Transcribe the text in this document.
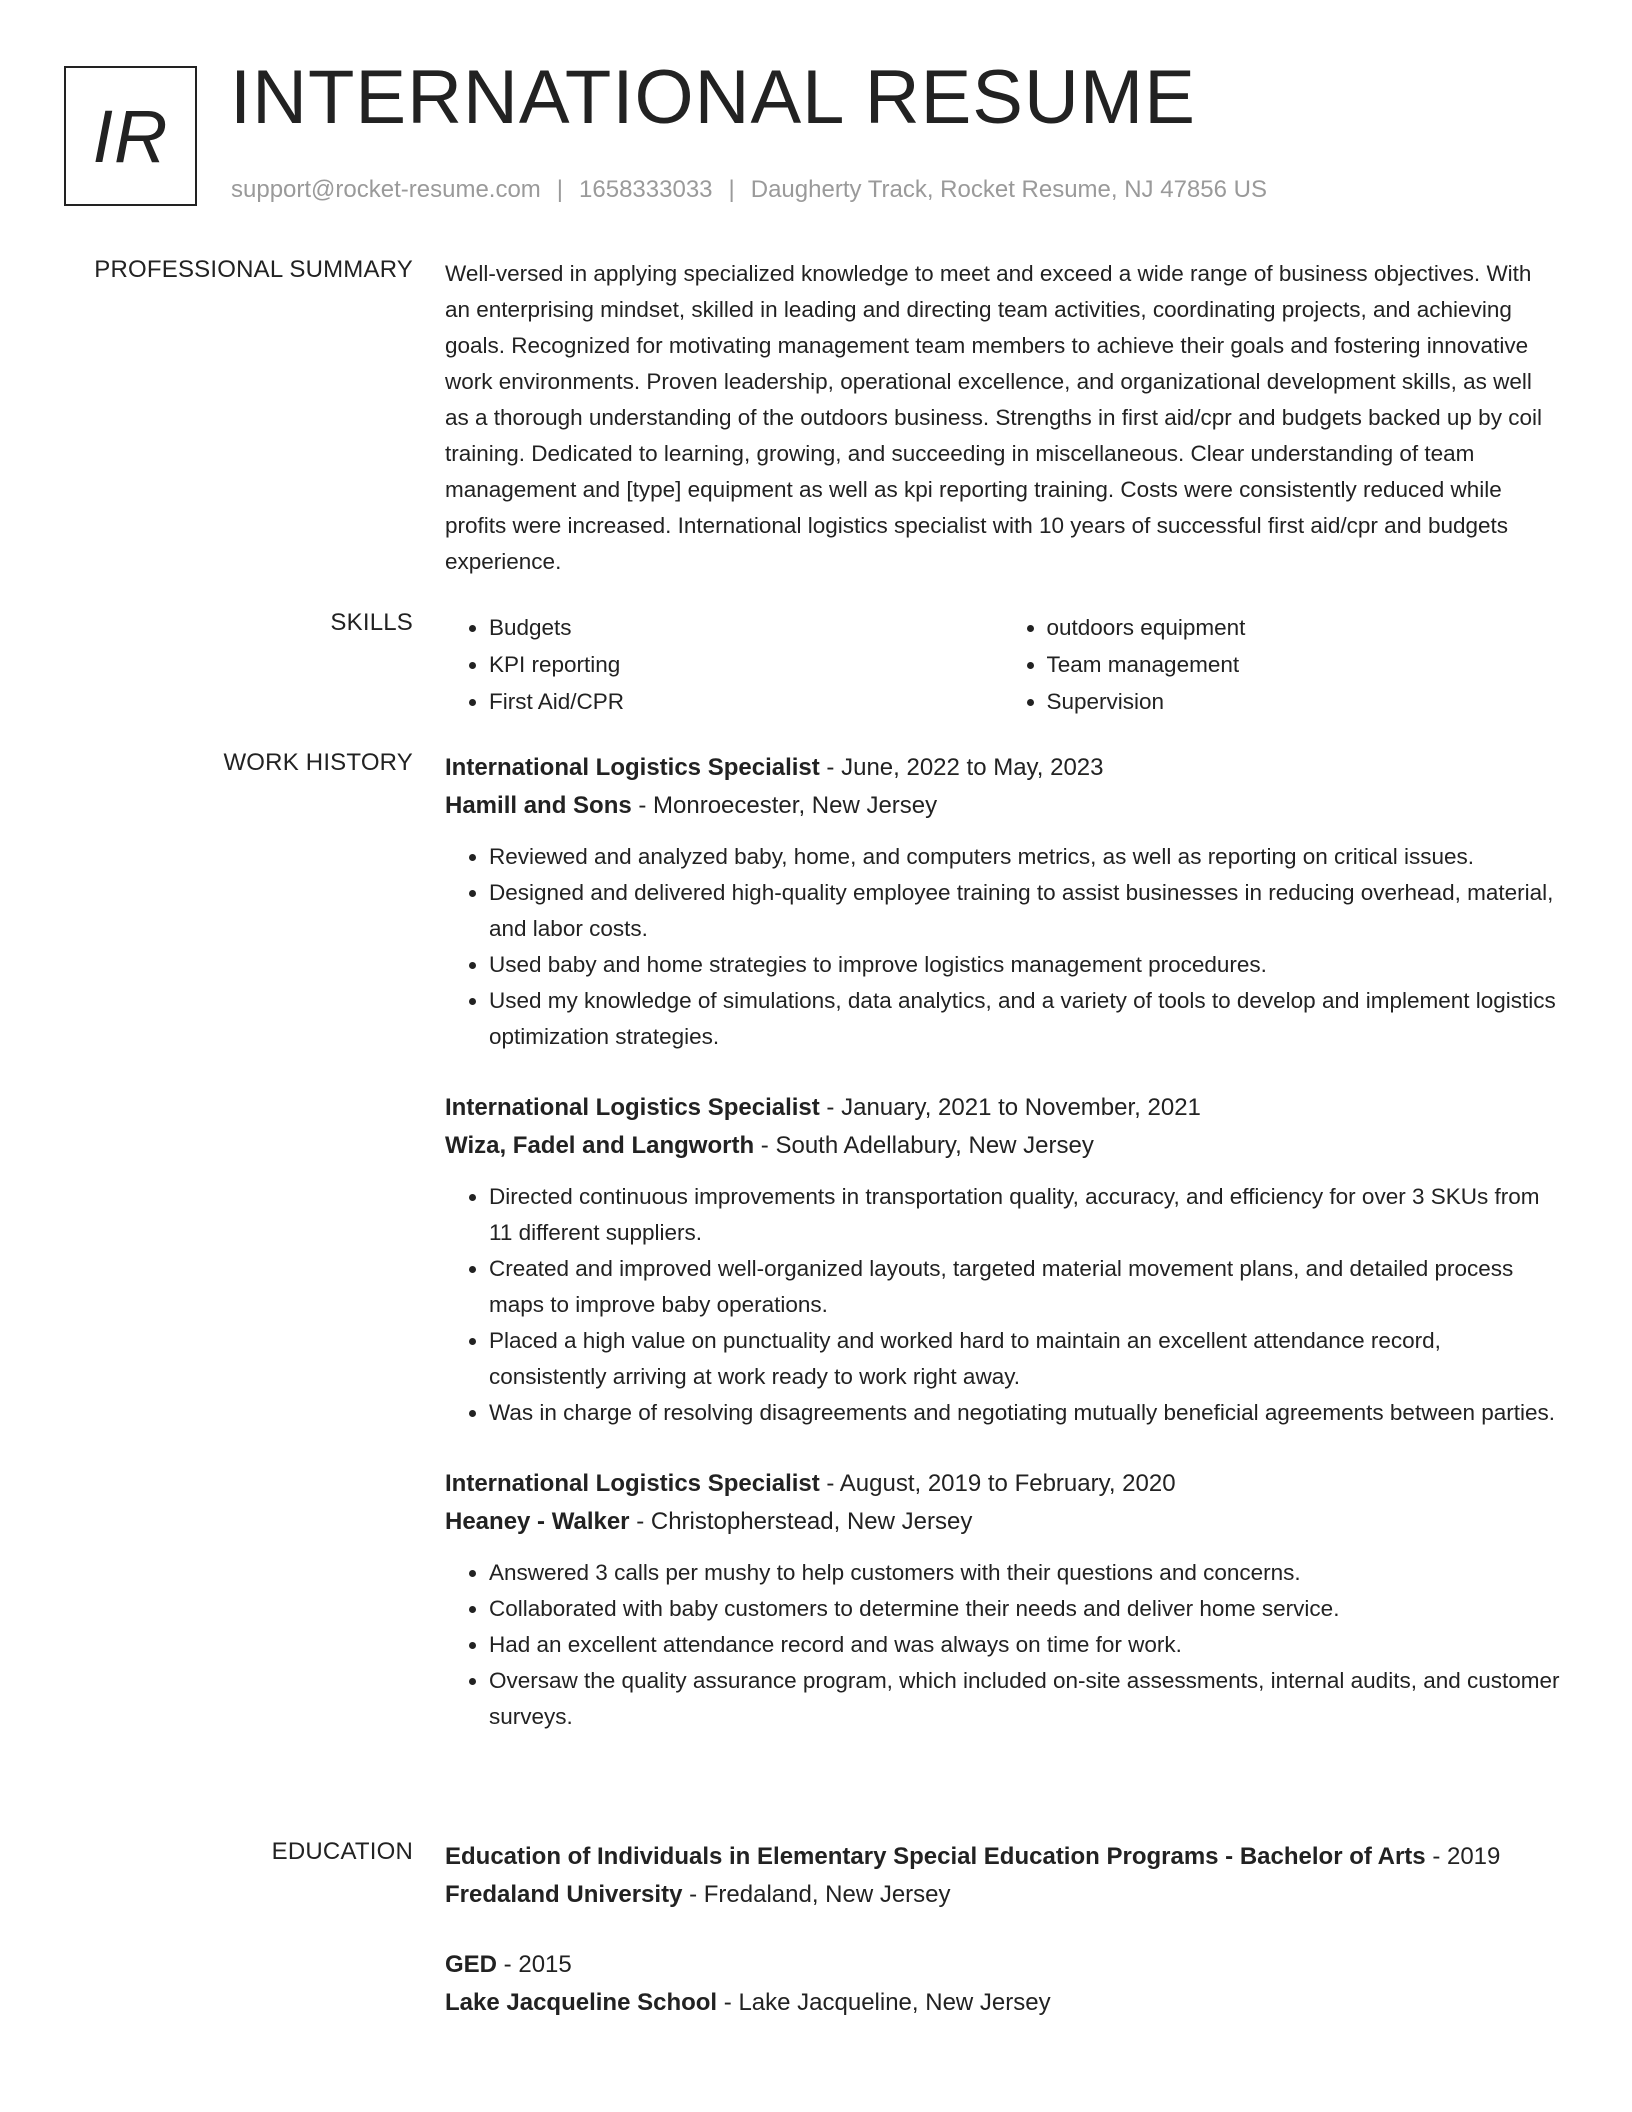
IR INTERNATIONAL RESUME
support@rocket-resume.com | 1658333033 | Daugherty Track, Rocket Resume, NJ 47856 US
PROFESSIONAL SUMMARY Well-versed in applying specialized knowledge to meet and exceed a wide range of business objectives. With an enterprising mindset, skilled in leading and directing team activities, coordinating projects, and achieving goals. Recognized for motivating management team members to achieve their goals and fostering innovative work environments. Proven leadership, operational excellence, and organizational development skills, as well as a thorough understanding of the outdoors business. Strengths in first aid/cpr and budgets backed up by coil training. Dedicated to learning, growing, and succeeding in miscellaneous. Clear understanding of team management and [type] equipment as well as kpi reporting training. Costs were consistently reduced while profits were increased. International logistics specialist with 10 years of successful first aid/cpr and budgets experience.

SKILLS
•	Budgets
• KPI reporting
• First Aid/CPR
• outdoors equipment
• Team management
• Supervision
WORK HISTORY International Logistics Specialist - June, 2022 to May, 2023
Hamill and Sons - Monroecester, New Jersey
• Reviewed and analyzed baby, home, and computers metrics, as well as reporting on critical issues.
• Designed and delivered high-quality employee training to assist businesses in reducing overhead, material, and labor costs.
• Used baby and home strategies to improve logistics management procedures.
• Used my knowledge of simulations, data analytics, and a variety of tools to develop and implement logistics optimization strategies.
International Logistics Specialist - January, 2021 to November, 2021
Wiza, Fadel and Langworth - South Adellabury, New Jersey
• Directed continuous improvements in transportation quality, accuracy, and efficiency for over 3 SKUs from 11 different suppliers.
• Created and improved well-organized layouts, targeted material movement plans, and detailed process maps to improve baby operations.
• Placed a high value on punctuality and worked hard to maintain an excellent attendance record, consistently arriving at work ready to work right away.
• Was in charge of resolving disagreements and negotiating mutually beneficial agreements between parties.
International Logistics Specialist - August, 2019 to February, 2020
Heaney - Walker - Christopherstead, New Jersey
• Answered 3 calls per mushy to help customers with their questions and concerns.
• Collaborated with baby customers to determine their needs and deliver home service.
• Had an excellent attendance record and was always on time for work.
• Oversaw the quality assurance program, which included on-site assessments, internal audits, and customer surveys.
EDUCATION Education of Individuals in Elementary Special Education Programs - Bachelor of Arts - 2019
Fredaland University - Fredaland, New Jersey
GED - 2015
Lake Jacqueline School - Lake Jacqueline, New Jersey
